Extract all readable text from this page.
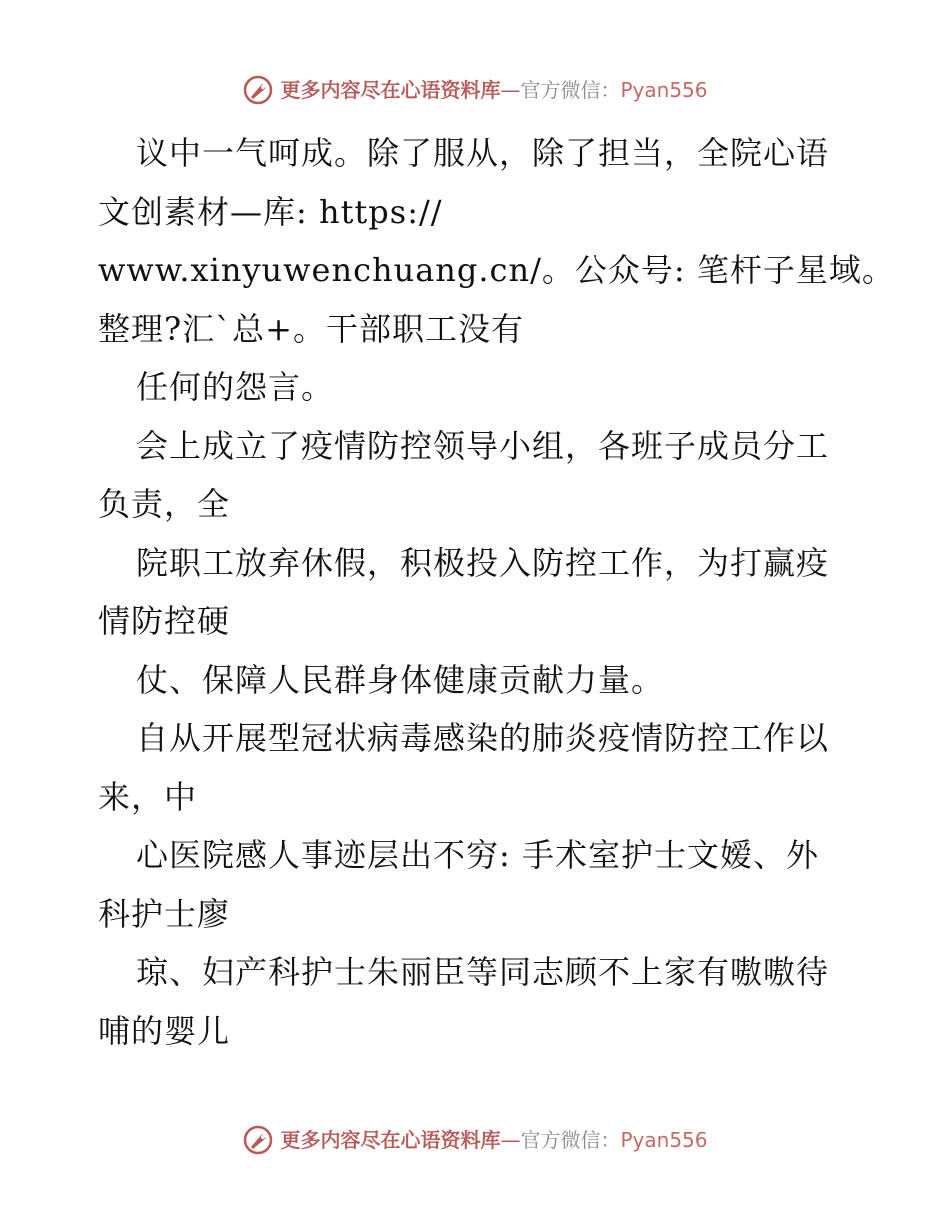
更多内容尽在心语资料库—官方微信：Pyan556
议中一气呵成。除了服从，除了担当，全院心语
文创素材—库: https://
www.xinyuwenchuang.cn/。公众号: 笔杆子星域。
整理?汇`总+。干部职工没有
任何的怨言。
会上成立了疫情防控领导小组，各班子成员分工
负责，全
院职工放弃休假，积极投入防控工作，为打赢疫
情防控硬
仗、保障人民群身体健康贡献力量。
自从开展型冠状病毒感染的肺炎疫情防控工作以
来，中
心医院感人事迹层出不穷: 手术室护士文嫒、外
科护士廖
琼、妇产科护士朱丽臣等同志顾不上家有嗷嗷待
哺的婴儿
更多内容尽在心语资料库—官方微信：Pyan556
